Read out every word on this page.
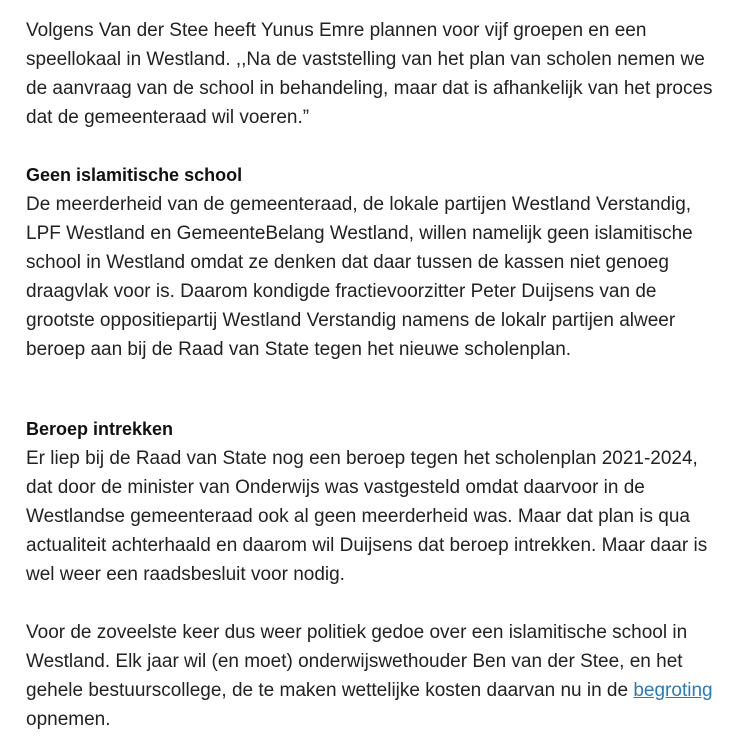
Volgens Van der Stee heeft Yunus Emre plannen voor vijf groepen en een speellokaal in Westland. ,,Na de vaststelling van het plan van scholen nemen we de aanvraag van de school in behandeling, maar dat is afhankelijk van het proces dat de gemeenteraad wil voeren.”

Geen islamitische school

De meerderheid van de gemeenteraad, de lokale partijen Westland Verstandig, LPF Westland en GemeenteBelang Westland, willen namelijk geen islamitische school in Westland omdat ze denken dat daar tussen de kassen niet genoeg draagvlak voor is. Daarom kondigde fractievoorzitter Peter Duijsens van de grootste oppositiepartij Westland Verstandig namens de lokalr partijen alweer beroep aan bij de Raad van State tegen het nieuwe scholenplan.

Beroep intrekken

Er liep bij de Raad van State nog een beroep tegen het scholenplan 2021-2024, dat door de minister van Onderwijs was vastgesteld omdat daarvoor in de Westlandse gemeenteraad ook al geen meerderheid was. Maar dat plan is qua actualiteit achterhaald en daarom wil Duijsens dat beroep intrekken. Maar daar is wel weer een raadsbesluit voor nodig.

Voor de zoveelste keer dus weer politiek gedoe over een islamitische school in Westland. Elk jaar wil (en moet) onderwijswethouder Ben van der Stee, en het gehele bestuurscollege, de te maken wettelijke kosten daarvan nu in de begroting opnemen.
